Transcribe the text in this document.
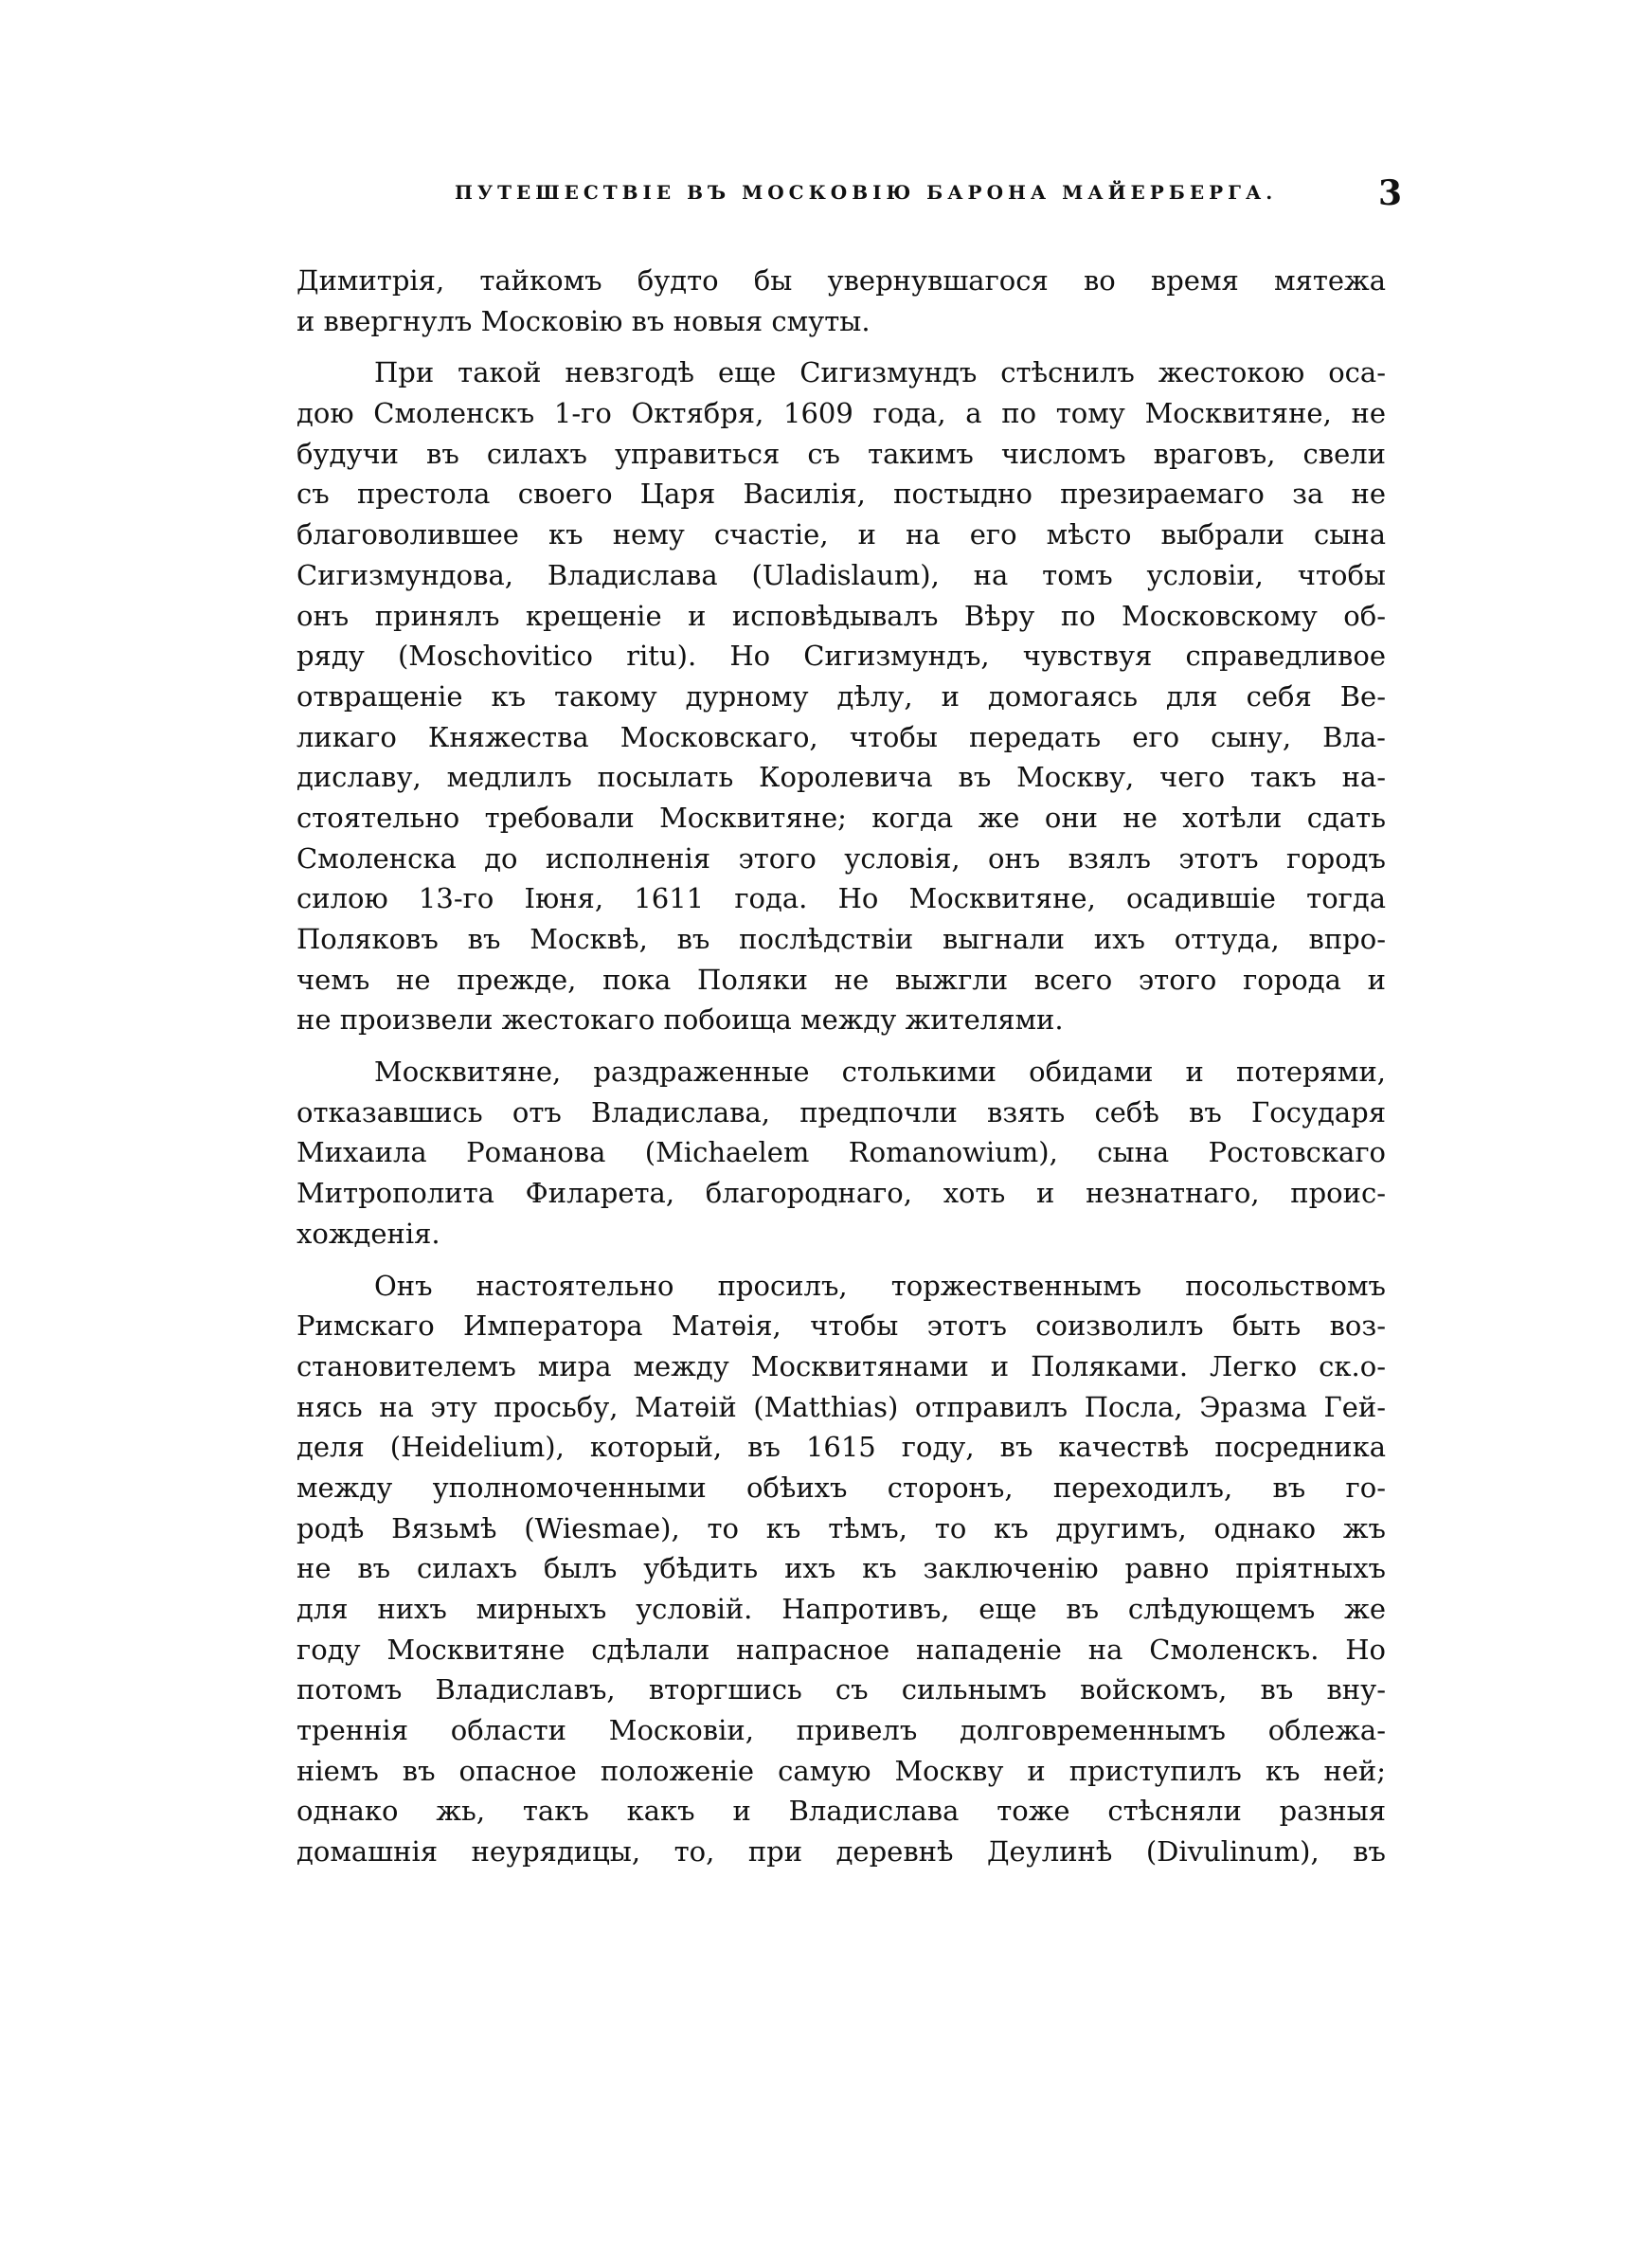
ПУТЕШЕСТВІЕ ВЪ МОСКОВІЮ БАРОНА МАЙЕРБЕРГА.	3
Димитрія, тайкомъ будто бы увернувшагося во время мятежа
и ввергнулъ Московію въ новыя смуты.
При такой невзгодѣ еще Сигизмундъ стѣснилъ жестокою оса-
дою Смоленскъ 1-го Октября, 1609 года, а по тому Москвитяне, не
будучи въ силахъ управиться съ такимъ числомъ враговъ, свели
съ престола своего Царя Василія, постыдно презираемаго за не
благоволившее къ нему счастіе, и на его мѣсто выбрали сына
Сигизмундова, Владислава (Uladislaum), на томъ условіи, чтобы
онъ принялъ крещеніе и исповѣдывалъ Вѣру по Московскому об-
ряду (Moschovitico ritu). Но Сигизмундъ, чувствуя справедливое
отвращеніе къ такому дурному дѣлу, и домогаясь для себя Ве-
ликаго Княжества Московскаго, чтобы передать его сыну, Вла-
диславу, медлилъ посылать Королевича въ Москву, чего такъ на-
стоятельно требовали Москвитяне; когда же они не хотѣли сдать
Смоленска до исполненія этого условія, онъ взялъ этотъ городъ
силою 13-го Іюня, 1611 года. Но Москвитяне, осадившіе тогда
Поляковъ въ Москвѣ, въ послѣдствіи выгнали ихъ оттуда, впро-
чемъ не прежде, пока Поляки не выжгли всего этого города и
не произвели жестокаго побоища между жителями.
Москвитяне, раздраженные столькими обидами и потерями,
отказавшись отъ Владислава, предпочли взять себѣ въ Государя
Михаила Романова (Michaelem Romanowium), сына Ростовскаго
Митрополита Филарета, благороднаго, хоть и незнатнаго, проис-
хожденія.
Онъ настоятельно просилъ, торжественнымъ посольствомъ
Римскаго Императора Матѳія, чтобы этотъ соизволилъ быть воз-
становителемъ мира между Москвитянами и Поляками. Легко ск.о-
нясь на эту просьбу, Матѳій (Matthias) отправилъ Посла, Эразма Гей-
деля (Heidelium), который, въ 1615 году, въ качествѣ посредника
между уполномоченными обѣихъ сторонъ, переходилъ, въ го-
родѣ Вязьмѣ (Wiesmae), то къ тѣмъ, то къ другимъ, однако жъ
не въ силахъ былъ убѣдить ихъ къ заключенію равно пріятныхъ
для нихъ мирныхъ условій. Напротивъ, еще въ слѣдующемъ же
году Москвитяне сдѣлали напрасное нападеніе на Смоленскъ. Но
потомъ Владиславъ, вторгшись съ сильнымъ войскомъ, въ вну-
треннія области Московіи, привелъ долговременнымъ облежа-
ніемъ въ опасное положеніе самую Москву и приступилъ къ ней;
однако жь, такъ какъ и Владислава тоже стѣсняли разныя
домашнія неурядицы, то, при деревнѣ Деулинѣ (Divulinum), въ
